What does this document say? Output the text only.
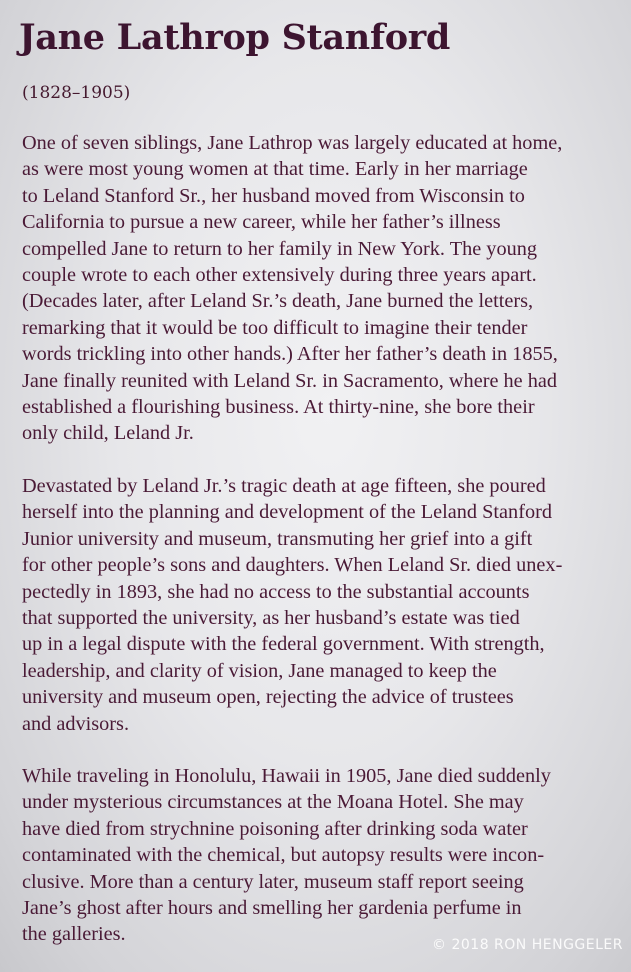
Jane Lathrop Stanford
(1828–1905)

One of seven siblings, Jane Lathrop was largely educated at home,
as were most young women at that time. Early in her marriage
to Leland Stanford Sr., her husband moved from Wisconsin to
California to pursue a new career, while her father’s illness
compelled Jane to return to her family in New York. The young
couple wrote to each other extensively during three years apart.
(Decades later, after Leland Sr.’s death, Jane burned the letters,
remarking that it would be too difficult to imagine their tender
words trickling into other hands.) After her father’s death in 1855,
Jane finally reunited with Leland Sr. in Sacramento, where he had
established a flourishing business. At thirty-nine, she bore their
only child, Leland Jr.

Devastated by Leland Jr.’s tragic death at age fifteen, she poured
herself into the planning and development of the Leland Stanford
Junior university and museum, transmuting her grief into a gift
for other people’s sons and daughters. When Leland Sr. died unex-
pectedly in 1893, she had no access to the substantial accounts
that supported the university, as her husband’s estate was tied
up in a legal dispute with the federal government. With strength,
leadership, and clarity of vision, Jane managed to keep the
university and museum open, rejecting the advice of trustees
and advisors.

While traveling in Honolulu, Hawaii in 1905, Jane died suddenly
under mysterious circumstances at the Moana Hotel. She may
have died from strychnine poisoning after drinking soda water
contaminated with the chemical, but autopsy results were incon-
clusive. More than a century later, museum staff report seeing
Jane’s ghost after hours and smelling her gardenia perfume in
the galleries.	© 2018 RON HENGGELER
